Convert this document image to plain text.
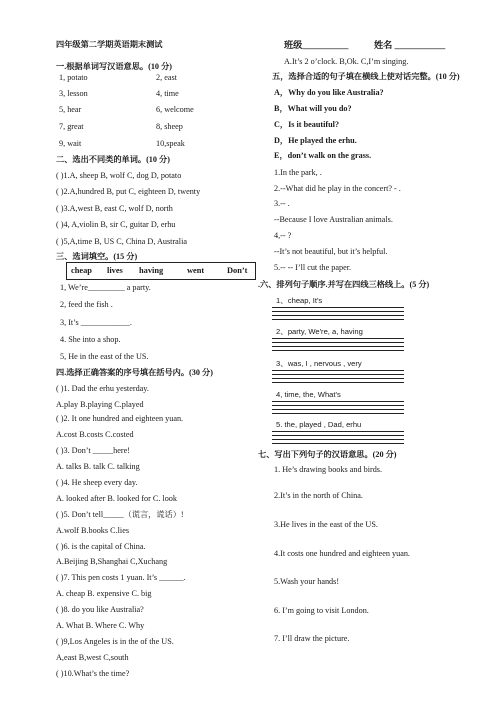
四年级第二学期英语期末测试
一.根据单词写汉语意思。(10 分)
1, potato	2, east
3, lesson	4, time
5, hear	6, welcome
7, great	8, sheep
9, wait	10,speak
二、选出不同类的单词。(10 分)
( )1.A, sheep B, wolf C, dog D, potato
( )2.A,hundred B, put C, eighteen D, twenty
( )3.A,west B, east C, wolf D, north
( )4, A,violin B, sir C, guitar D, erhu
( )5,A,time B, US C, China D, Australia
三、选词填空。(15 分)
cheap lives having	went	Don’t
1, We’re_________ a party.
2, feed the fish .
3, It’s ____________.
4. She into a shop.
5, He in the east of the US.
四.选择正确答案的序号填在括号内。(30 分)
( )1. Dad the erhu yesterday.
A.play B.playing C.played
( )2. It one hundred and eighteen yuan.
A.cost B.costs C.costed
( )3. Don’t _____here!
A. talks B. talk C. talking
( )4. He sheep every day.
A. looked after B. looked for C. look
( )5. Don’t tell_____（谎言，谎话）!
A.wolf B.books C.lies
( )6. is the capital of China.
A.Beijing B,Shanghai C,Xuchang
( )7. This pen costs 1 yuan. It’s ______.
A. cheap B. expensive C. big
( )8. do you like Australia?
A. What B. Where C. Why
( )9,Los Angeles is in the of the US.
A,east B,west C,south
( )10.What’s the time?
班级__________	姓名 ___________
A.It’s 2 o’clock. B,Ok. C,I’m singing.
五，选择合适的句子填在横线上使对话完整。(10 分)
A，Why do you like Australia?
B，What will you do?
C，Is it beautiful?
D，He played the erhu.
E，don’t walk on the grass.
1.In the park, .
2.--What did he play in the concert? - .
3.-- .
--Because I love Australian animals.
4,-- ?
--It’s not beautiful, but it’s helpful.
5.-- -- I’ll cut the paper.
.六、排列句子顺序.并写在四线三格线上。(5 分)
1、cheap, It's
2、party, We're, a, having
3、was, I , nervous , very
4, time, the, What's
5. the, played , Dad, erhu
七、写出下列句子的汉语意思。(20 分)
1. He’s drawing books and birds.
2.It’s in the north of China.
3.He lives in the east of the US.
4.It costs one hundred and eighteen yuan.
5.Wash your hands!
6. I’m going to visit London.
7. I’ll draw the picture.
